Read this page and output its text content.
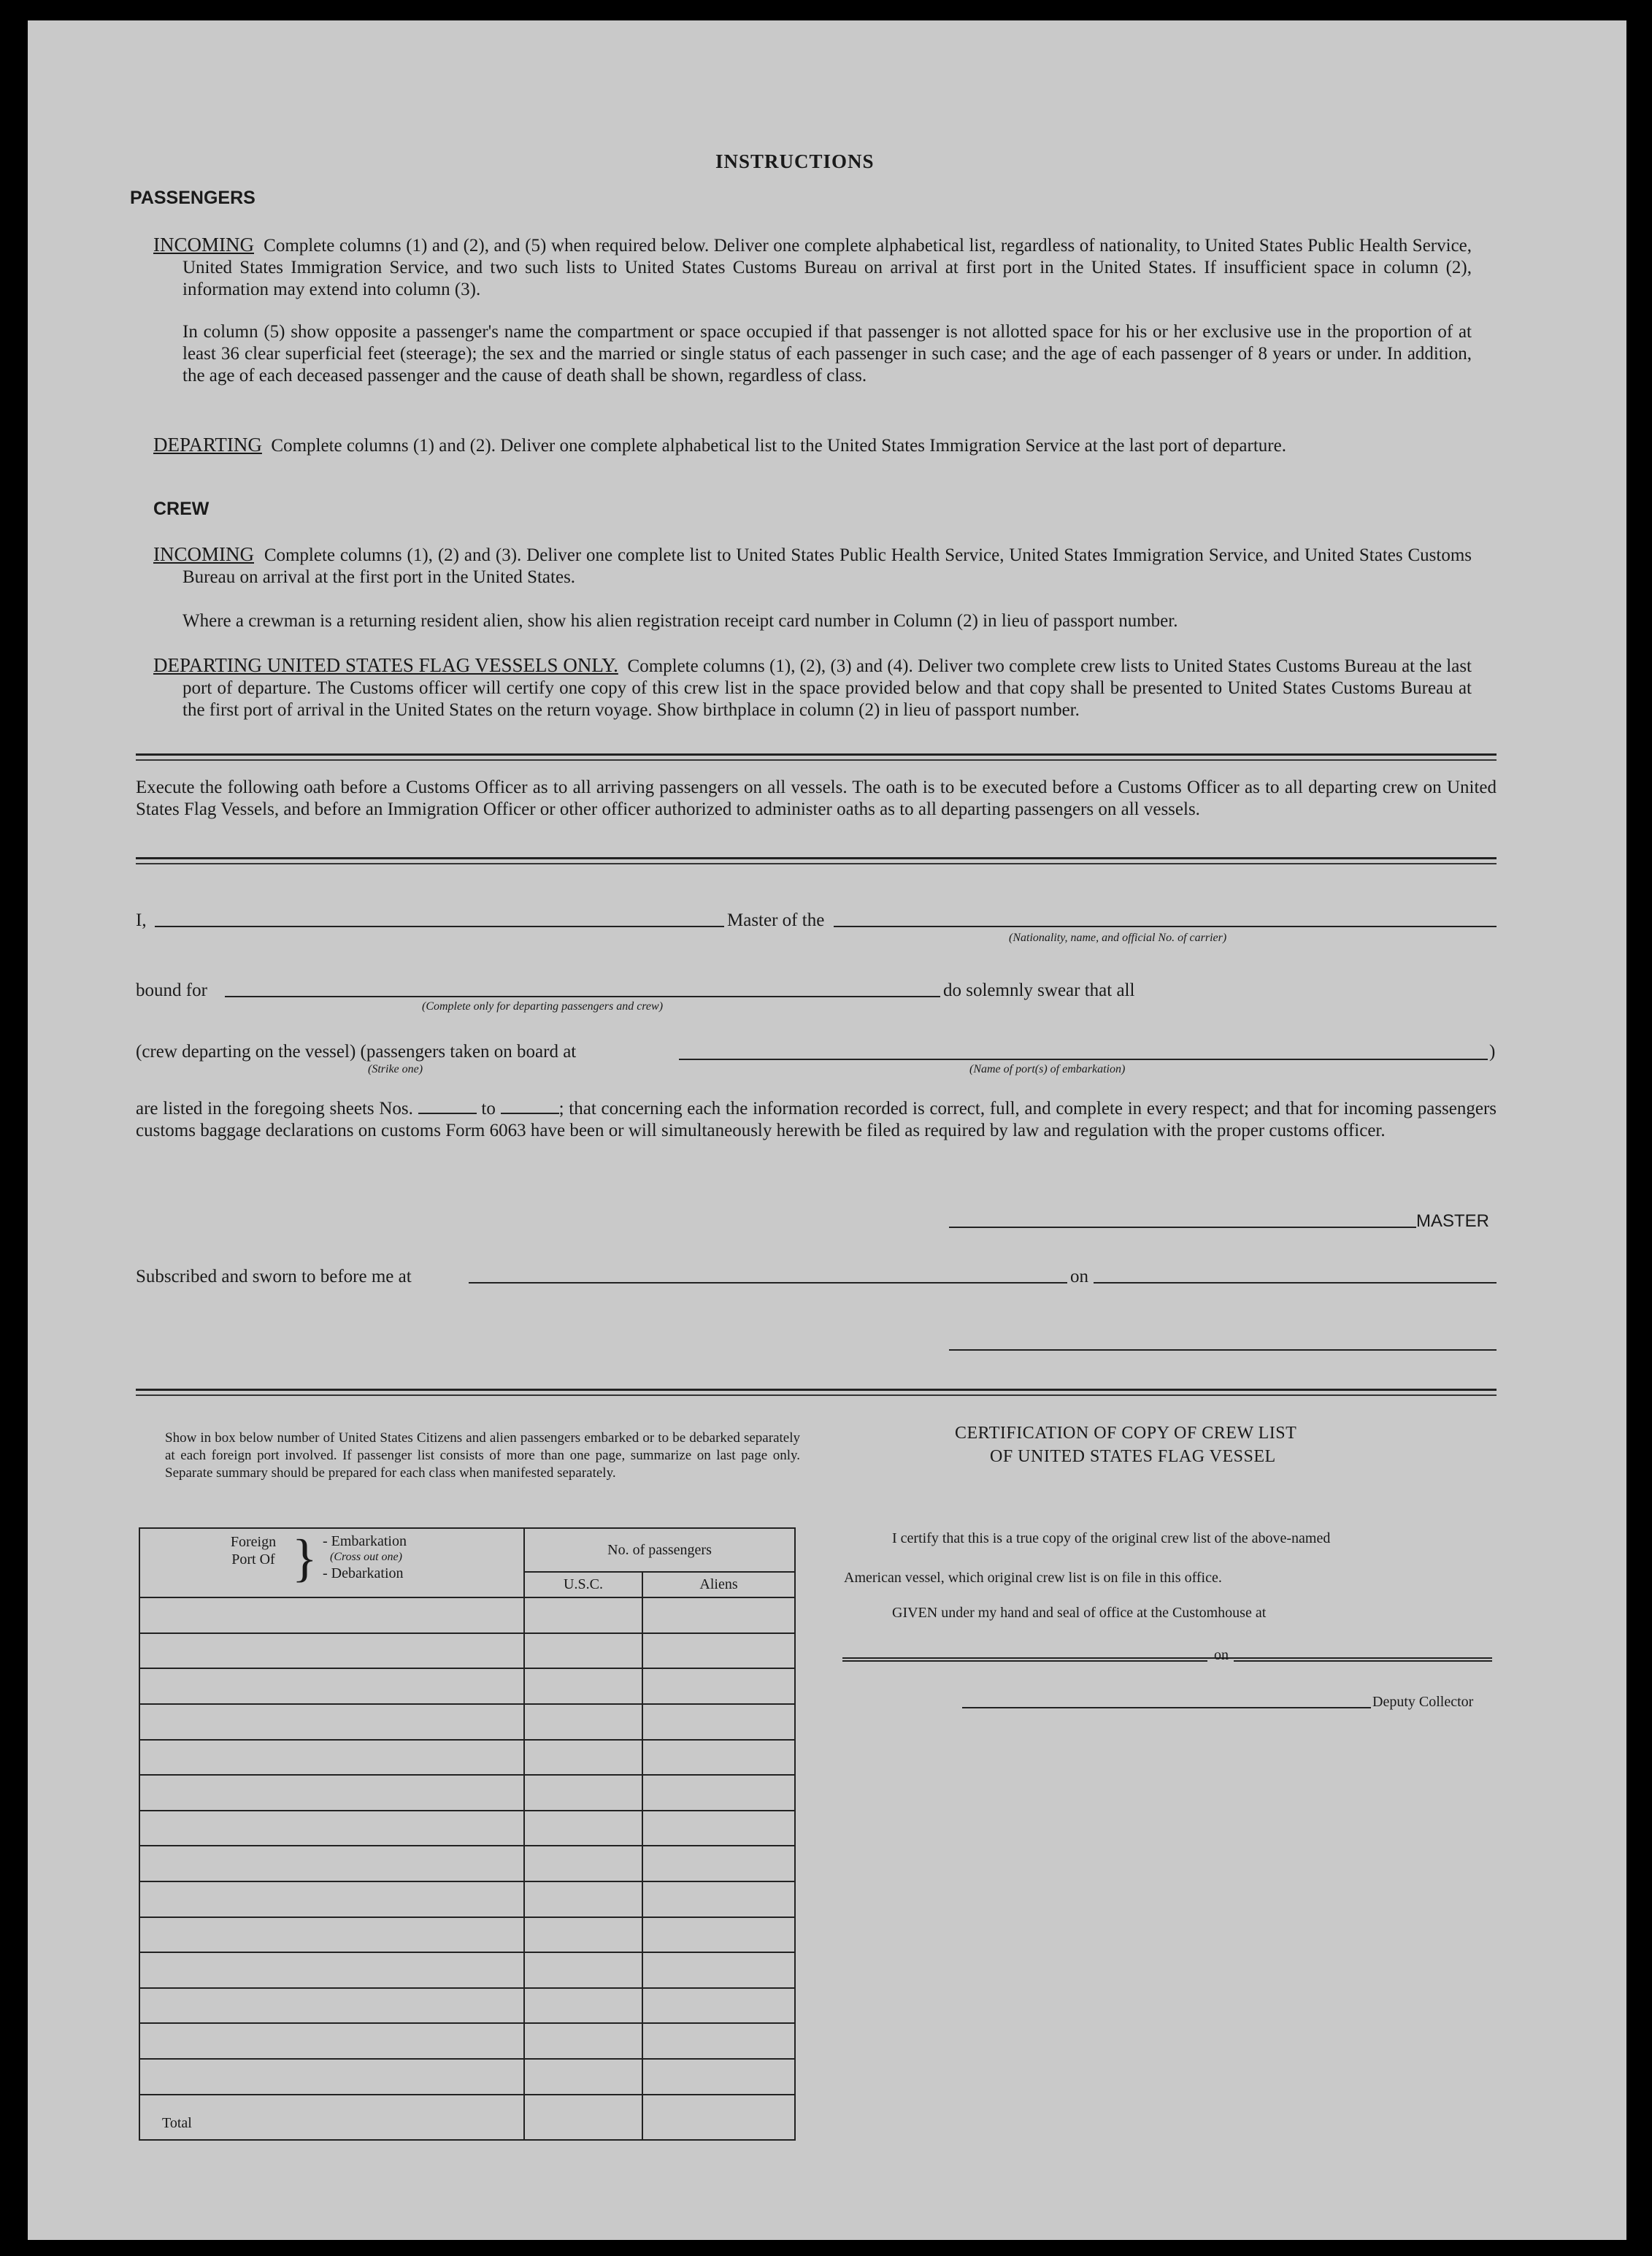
INSTRUCTIONS
PASSENGERS
INCOMING Complete columns (1) and (2), and (5) when required below. Deliver one complete alphabetical list, regardless of nationality, to United States Public Health Service, United States Immigration Service, and two such lists to United States Customs Bureau on arrival at first port in the United States. If insufficient space in column (2), information may extend into column (3).
In column (5) show opposite a passenger's name the compartment or space occupied if that passenger is not allotted space for his or her exclusive use in the proportion of at least 36 clear superficial feet (steerage); the sex and the married or single status of each passenger in such case; and the age of each passenger of 8 years or under. In addition, the age of each deceased passenger and the cause of death shall be shown, regardless of class.
DEPARTING Complete columns (1) and (2). Deliver one complete alphabetical list to the United States Immigration Service at the last port of departure.
CREW
INCOMING Complete columns (1), (2) and (3). Deliver one complete list to United States Public Health Service, United States Immigration Service, and United States Customs Bureau on arrival at the first port in the United States.
Where a crewman is a returning resident alien, show his alien registration receipt card number in Column (2) in lieu of passport number.
DEPARTING UNITED STATES FLAG VESSELS ONLY. Complete columns (1), (2), (3) and (4). Deliver two complete crew lists to United States Customs Bureau at the last port of departure. The Customs officer will certify one copy of this crew list in the space provided below and that copy shall be presented to United States Customs Bureau at the first port of arrival in the United States on the return voyage. Show birthplace in column (2) in lieu of passport number.
Execute the following oath before a Customs Officer as to all arriving passengers on all vessels. The oath is to be executed before a Customs Officer as to all departing crew on United States Flag Vessels, and before an Immigration Officer or other officer authorized to administer oaths as to all departing passengers on all vessels.
I,	Master of the
(Nationality, name, and official No. of carrier)
bound for
(Complete only for departing passengers and crew)
do solemnly swear that all
(crew departing on the vessel) (passengers taken on board at
(Strike one)
)
(Name of port(s) of embarkation)
are listed in the foregoing sheets Nos.	to	; that concerning each the information recorded is correct, full, and complete in every respect; and that for incoming passengers customs baggage declarations on customs Form 6063 have been or will simultaneously herewith be filed as required by law and regulation with the proper customs officer.
MASTER
Subscribed and sworn to before me at	on
Show in box below number of United States Citizens and alien passengers embarked or to be debarked separately at each foreign port involved. If passenger list consists of more than one page, summarize on last page only. Separate summary should be prepared for each class when manifested separately.
Foreign Port Of } - Embarkation
(Cross out one)
- Debarkation	No. of passengers	
	U.S.C.	Aliens

Total		
CERTIFICATION OF COPY OF CREW LIST
OF UNITED STATES FLAG VESSEL
I certify that this is a true copy of the original crew list of the above-named
American vessel, which original crew list is on file in this office.
GIVEN under my hand and seal of office at the Customhouse at
on
Deputy Collector
